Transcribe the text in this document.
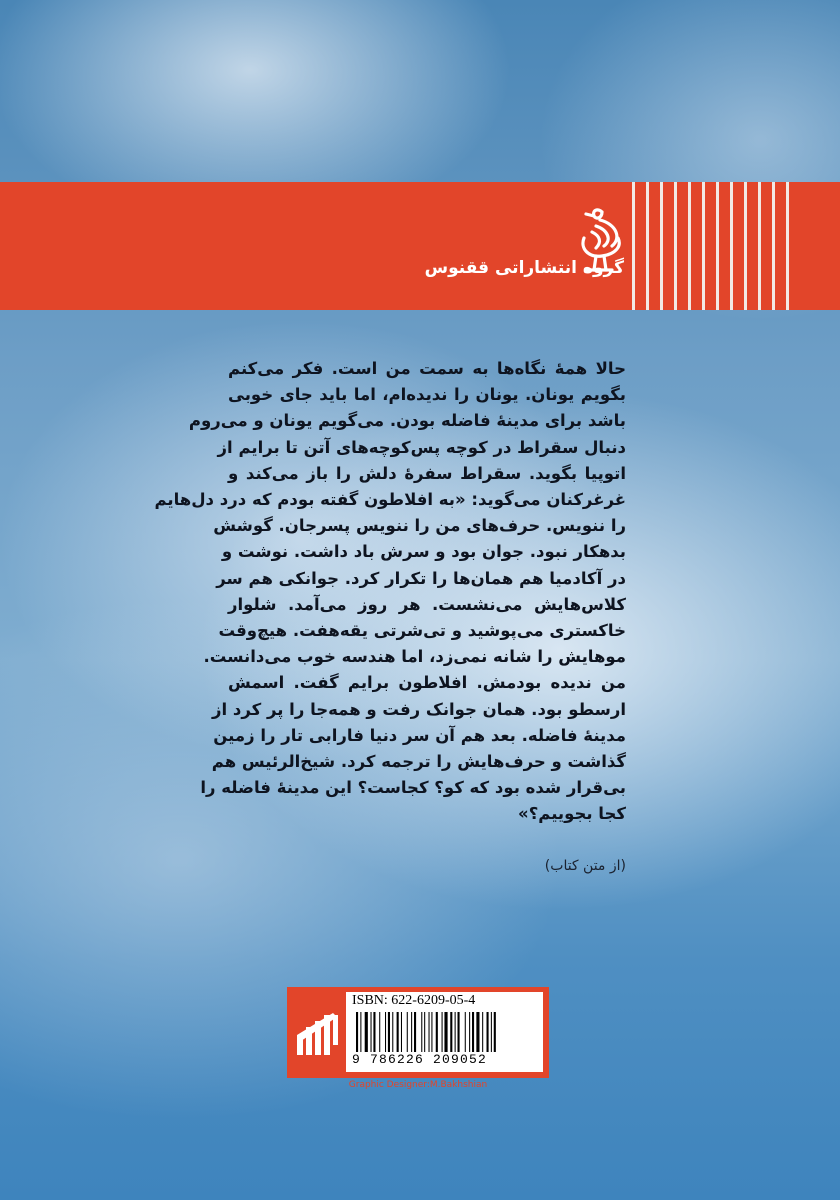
گروه انتشاراتی ققنوس
حالا همهٔ نگاه‌ها به سمت من است. فکر می‌کنم
بگویم یونان. یونان را ندیده‌ام، اما باید جای خوبی
باشد برای مدینهٔ فاضله بودن. می‌گویم یونان و می‌روم
دنبال سقراط در کوچه پس‌کوچه‌های آتن تا برایم از
اتوپیا بگوید. سقراط سفرهٔ دلش را باز می‌کند و
غرغرکنان می‌گوید: «به افلاطون گفته بودم که درد دل‌هایم
را ننویس. حرف‌های من را ننویس پسرجان. گوشش
بدهکار نبود. جوان بود و سرش باد داشت. نوشت و
در آکادمیا هم همان‌ها را تکرار کرد. جوانکی هم سر
کلاس‌هایش می‌نشست. هر روز می‌آمد. شلوار
خاکستری می‌پوشید و تی‌شرتی یقه‌هفت. هیچ‌وقت
موهایش را شانه نمی‌زد، اما هندسه خوب می‌دانست.
من ندیده بودمش. افلاطون برایم گفت. اسمش
ارسطو بود. همان جوانک رفت و همه‌جا را پر کرد از
مدینهٔ فاضله. بعد هم آن سر دنیا فارابی تار را زمین
گذاشت و حرف‌هایش را ترجمه کرد. شیخ‌الرئیس هم
بی‌قرار شده بود که کو؟ کجاست؟ این مدینهٔ فاضله را
کجا بجوییم؟»
(از متن کتاب)
ISBN: 622-6209-05-4
9 786226 209052
Graphic Designer:M.Bakhshian
